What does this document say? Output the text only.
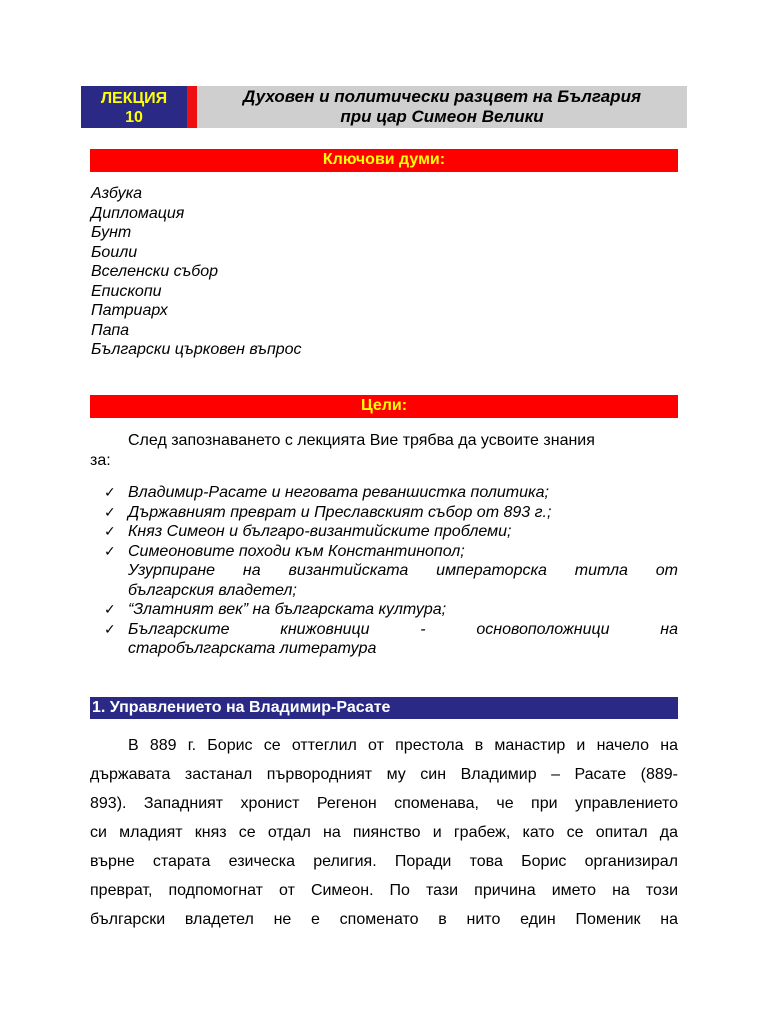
ЛЕКЦИЯ
10
Духовен и политически разцвет на България
при цар Симеон Велики
Ключови думи:
Азбука
Дипломация
Бунт
Боили
Вселенски събор
Епископи
Патриарх
Папа
Български църковен въпрос
Цели:
След запознаването с лекцията Вие трябва да усвоите знания
за:
✓ Владимир-Расате и неговата реваншистка политика;
✓ Държавният преврат и Преславският събор от 893 г.;
✓ Княз Симеон и българо-византийските проблеми;
✓ Симеоновите походи към Константинопол;
Узурпиране на византийската императорска титла от
българския владетел;
✓ “Златният век” на българската култура;
✓ Българските книжовници - основоположници на
старобългарската литература
1. Управлението на Владимир-Расате
В 889 г. Борис се оттеглил от престола в манастир и начело на
държавата застанал първородният му син Владимир – Расате (889-
893). Западният хронист Регенон споменава, че при управлението
си младият княз се отдал на пиянство и грабеж, като се опитал да
върне старата езическа религия. Поради това Борис организирал
преврат, подпомогнат от Симеон. По тази причина името на този
български владетел не е споменато в нито един Поменик на
